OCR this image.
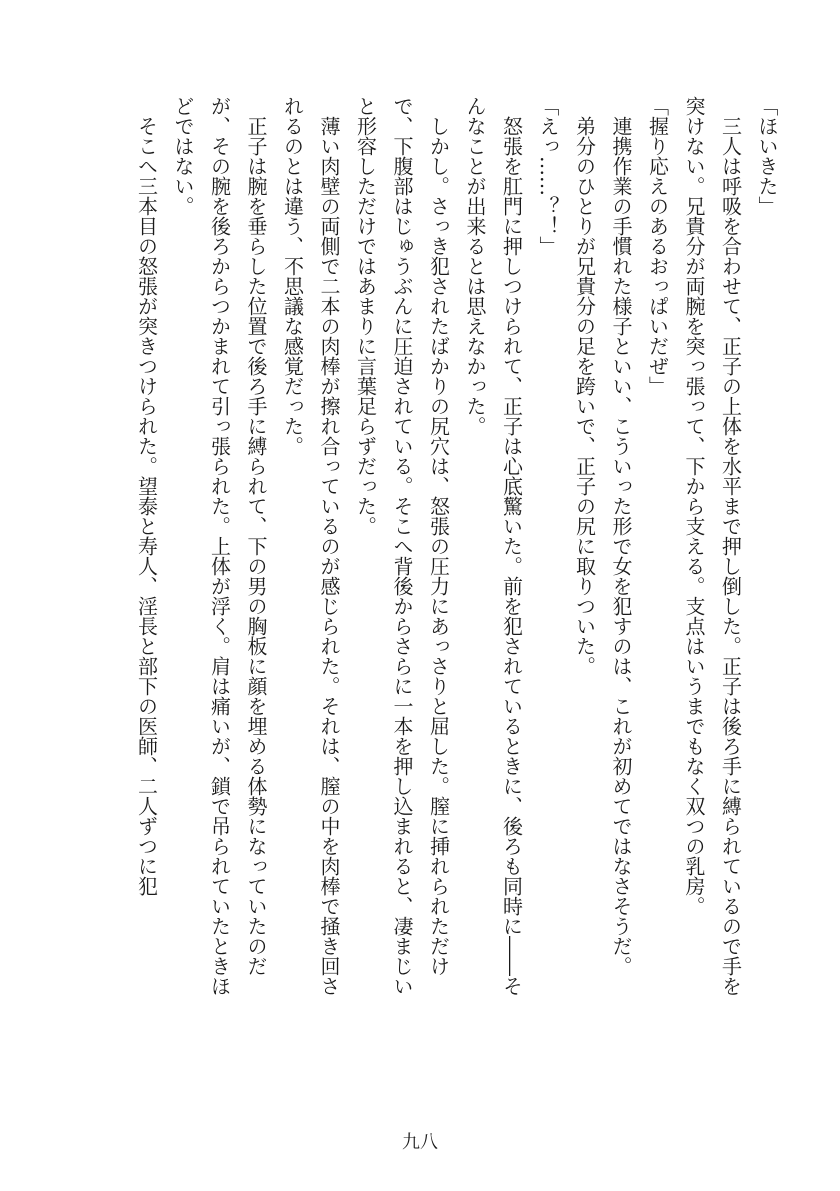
「ほいきた」

　三人は呼吸を合わせて、正子の上体を水平まで押し倒した。正子は後ろ手に縛られているので手を突けない。兄貴分が両腕を突っ張って、下から支える。支点はいうまでもなく双つの乳房。

「握り応えのあるおっぱいだぜ」

　連携作業の手慣れた様子といい、こういった形で女を犯すのは、これが初めてではなさそうだ。

　弟分のひとりが兄貴分の足を跨いで、正子の尻に取りついた。

「えっ……？！」

　怒張を肛門に押しつけられて、正子は心底驚いた。前を犯されているときに、後ろも同時に――そんなことが出来るとは思えなかった。

　しかし。さっき犯されたばかりの尻穴は、怒張の圧力にあっさりと屈した。膣に挿れられただけで、下腹部はじゅうぶんに圧迫されている。そこへ背後からさらに一本を押し込まれると、凄まじいと形容しただけではあまりに言葉足らずだった。

　薄い肉壁の両側で二本の肉棒が擦れ合っているのが感じられた。それは、膣の中を肉棒で掻き回されるのとは違う、不思議な感覚だった。

　正子は腕を垂らした位置で後ろ手に縛られて、下の男の胸板に顔を埋める体勢になっていたのだが、その腕を後ろからつかまれて引っ張られた。上体が浮く。肩は痛いが、鎖で吊られていたときほどではない。

　そこへ三本目の怒張が突きつけられた。望泰と寿人、淫長と部下の医師、二人ずつに犯

九八
